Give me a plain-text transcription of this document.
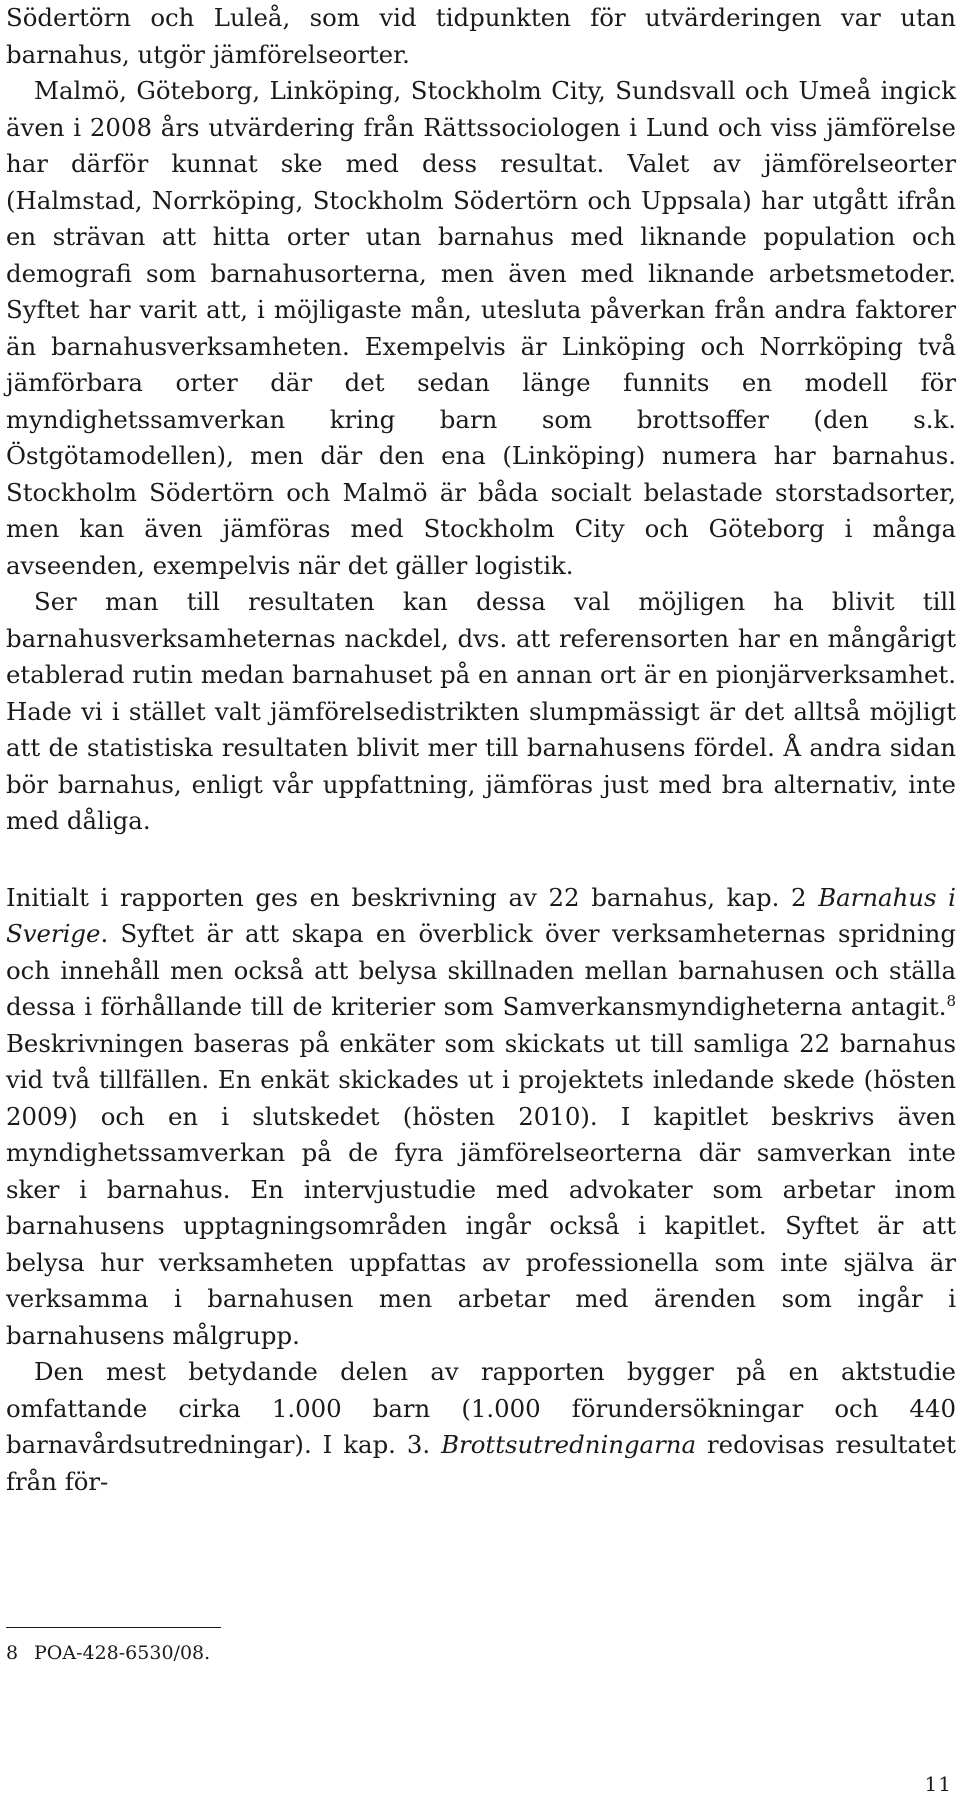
Södertörn och Luleå, som vid tidpunkten för utvärderingen var utan barnahus, utgör jämförelseorter.

Malmö, Göteborg, Linköping, Stockholm City, Sundsvall och Umeå ingick även i 2008 års utvärdering från Rättssociologen i Lund och viss jämförelse har därför kunnat ske med dess resultat. Valet av jämförelseorter (Halmstad, Norrköping, Stockholm Södertörn och Uppsala) har utgått ifrån en strävan att hitta orter utan barnahus med liknande population och demografi som barnahusorterna, men även med liknande arbetsmetoder. Syftet har varit att, i möjligaste mån, utesluta påverkan från andra faktorer än barnahusverksamheten. Exempelvis är Linköping och Norrköping två jämförbara orter där det sedan länge funnits en modell för myndighetssamverkan kring barn som brottsoffer (den s.k. Östgötamodellen), men där den ena (Linköping) numera har barnahus. Stockholm Södertörn och Malmö är båda socialt belastade storstadsorter, men kan även jämföras med Stockholm City och Göteborg i många avseenden, exempelvis när det gäller logistik.

Ser man till resultaten kan dessa val möjligen ha blivit till barnahusverksamheternas nackdel, dvs. att referensorten har en mångårigt etablerad rutin medan barnahuset på en annan ort är en pionjärverksamhet. Hade vi i stället valt jämförelsedistrikten slumpmässigt är det alltså möjligt att de statistiska resultaten blivit mer till barnahusens fördel. Å andra sidan bör barnahus, enligt vår uppfattning, jämföras just med bra alternativ, inte med dåliga.

Initialt i rapporten ges en beskrivning av 22 barnahus, kap. 2 Barnahus i Sverige. Syftet är att skapa en överblick över verksamheternas spridning och innehåll men också att belysa skillnaden mellan barnahusen och ställa dessa i förhållande till de kriterier som Samverkansmyndigheterna antagit.$^8$ Beskrivningen baseras på enkäter som skickats ut till samliga 22 barnahus vid två tillfällen. En enkät skickades ut i projektets inledande skede (hösten 2009) och en i slutskedet (hösten 2010). I kapitlet beskrivs även myndighetssamverkan på de fyra jämförelseorterna där samverkan inte sker i barnahus. En intervjustudie med advokater som arbetar inom barnahusens upptagningsområden ingår också i kapitlet. Syftet är att belysa hur verksamheten uppfattas av professionella som inte själva är verksamma i barnahusen men arbetar med ärenden som ingår i barnahusens målgrupp.

Den mest betydande delen av rapporten bygger på en aktstudie omfattande cirka 1.000 barn (1.000 förundersökningar och 440 barnavårdsutredningar). I kap. 3. Brottsutredningarna redovisas resultatet från för-

8 POA-428-6530/08.

11
